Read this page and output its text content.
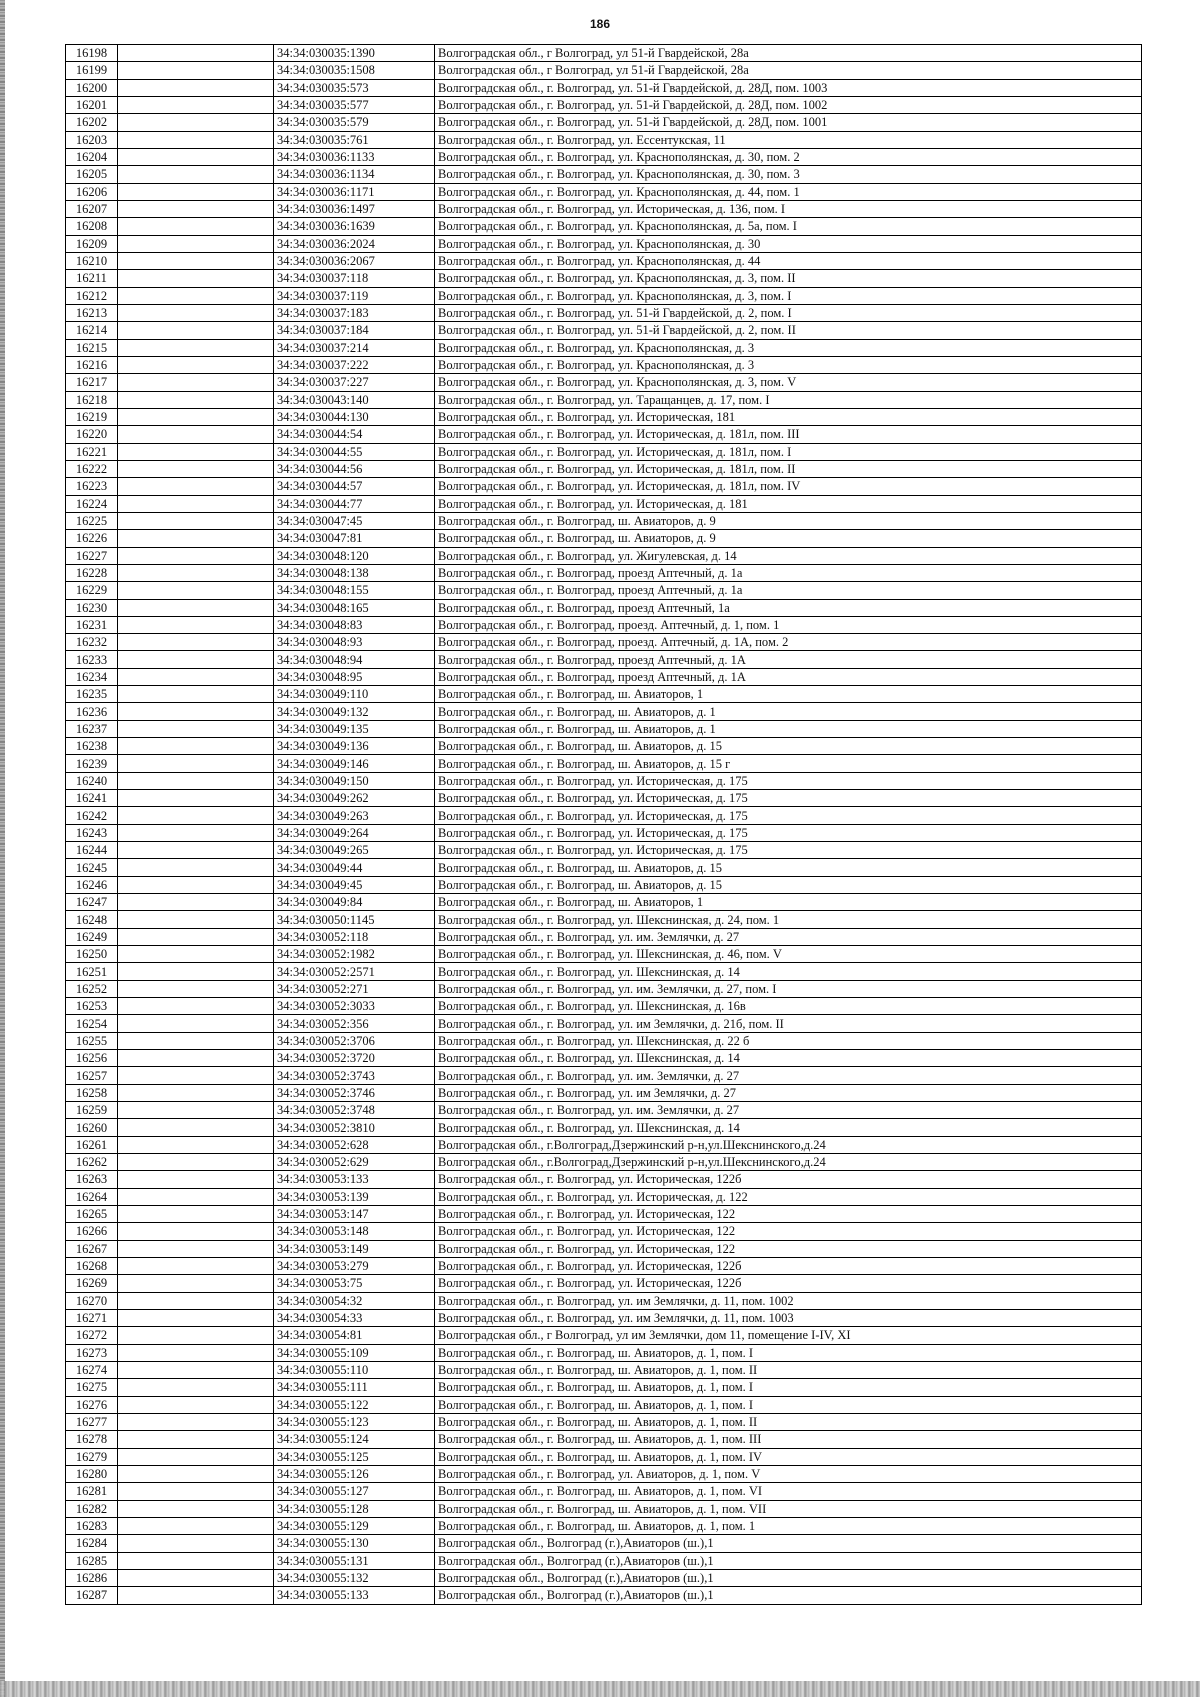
186
16198		34:34:030035:1390	Волгоградская обл., г Волгоград, ул 51-й Гвардейской, 28а
16199		34:34:030035:1508	Волгоградская обл., г Волгоград, ул 51-й Гвардейской, 28а
16200		34:34:030035:573	Волгоградская обл., г. Волгоград, ул. 51-й Гвардейской, д. 28Д, пом. 1003
16201		34:34:030035:577	Волгоградская обл., г. Волгоград, ул. 51-й Гвардейской, д. 28Д, пом. 1002
16202		34:34:030035:579	Волгоградская обл., г. Волгоград, ул. 51-й Гвардейской, д. 28Д, пом. 1001
16203		34:34:030035:761	Волгоградская обл., г. Волгоград, ул. Ессентукская, 11
16204		34:34:030036:1133	Волгоградская обл., г. Волгоград, ул. Краснополянская, д. 30, пом. 2
16205		34:34:030036:1134	Волгоградская обл., г. Волгоград, ул. Краснополянская, д. 30, пом. 3
16206		34:34:030036:1171	Волгоградская обл., г. Волгоград, ул. Краснополянская, д. 44, пом. 1
16207		34:34:030036:1497	Волгоградская обл., г. Волгоград, ул. Историческая, д. 136, пом. I
16208		34:34:030036:1639	Волгоградская обл., г. Волгоград, ул. Краснополянская, д. 5а, пом. I
16209		34:34:030036:2024	Волгоградская обл., г. Волгоград, ул. Краснополянская, д. 30
16210		34:34:030036:2067	Волгоградская обл., г. Волгоград, ул. Краснополянская, д. 44
16211		34:34:030037:118	Волгоградская обл., г. Волгоград, ул. Краснополянская, д. 3, пом. II
16212		34:34:030037:119	Волгоградская обл., г. Волгоград, ул. Краснополянская, д. 3, пом. I
16213		34:34:030037:183	Волгоградская обл., г. Волгоград, ул. 51-й Гвардейской, д. 2, пом. I
16214		34:34:030037:184	Волгоградская обл., г. Волгоград, ул. 51-й Гвардейской, д. 2, пом. II
16215		34:34:030037:214	Волгоградская обл., г. Волгоград, ул. Краснополянская, д. 3
16216		34:34:030037:222	Волгоградская обл., г. Волгоград, ул. Краснополянская, д. 3
16217		34:34:030037:227	Волгоградская обл., г. Волгоград, ул. Краснополянская, д. 3, пом. V
16218		34:34:030043:140	Волгоградская обл., г. Волгоград, ул. Таращанцев, д. 17, пом. I
16219		34:34:030044:130	Волгоградская обл., г. Волгоград, ул. Историческая, 181
16220		34:34:030044:54	Волгоградская обл., г. Волгоград, ул. Историческая, д. 181л, пом. III
16221		34:34:030044:55	Волгоградская обл., г. Волгоград, ул. Историческая, д. 181л, пом. I
16222		34:34:030044:56	Волгоградская обл., г. Волгоград, ул. Историческая, д. 181л, пом. II
16223		34:34:030044:57	Волгоградская обл., г. Волгоград, ул. Историческая, д. 181л, пом. IV
16224		34:34:030044:77	Волгоградская обл., г. Волгоград, ул. Историческая, д. 181
16225		34:34:030047:45	Волгоградская обл., г. Волгоград, ш. Авиаторов, д. 9
16226		34:34:030047:81	Волгоградская обл., г. Волгоград, ш. Авиаторов, д. 9
16227		34:34:030048:120	Волгоградская обл., г. Волгоград, ул. Жигулевская, д. 14
16228		34:34:030048:138	Волгоградская обл., г. Волгоград, проезд Аптечный, д. 1а
16229		34:34:030048:155	Волгоградская обл., г. Волгоград, проезд Аптечный, д. 1а
16230		34:34:030048:165	Волгоградская обл., г. Волгоград, проезд Аптечный, 1а
16231		34:34:030048:83	Волгоградская обл., г. Волгоград, проезд. Аптечный, д. 1, пом. 1
16232		34:34:030048:93	Волгоградская обл., г. Волгоград, проезд. Аптечный, д. 1А, пом. 2
16233		34:34:030048:94	Волгоградская обл., г. Волгоград, проезд Аптечный, д. 1А
16234		34:34:030048:95	Волгоградская обл., г. Волгоград, проезд Аптечный, д. 1А
16235		34:34:030049:110	Волгоградская обл., г. Волгоград, ш. Авиаторов, 1
16236		34:34:030049:132	Волгоградская обл., г. Волгоград, ш. Авиаторов, д. 1
16237		34:34:030049:135	Волгоградская обл., г. Волгоград, ш. Авиаторов, д. 1
16238		34:34:030049:136	Волгоградская обл., г. Волгоград, ш. Авиаторов, д. 15
16239		34:34:030049:146	Волгоградская обл., г. Волгоград, ш. Авиаторов, д. 15 г
16240		34:34:030049:150	Волгоградская обл., г. Волгоград, ул. Историческая, д. 175
16241		34:34:030049:262	Волгоградская обл., г. Волгоград, ул. Историческая, д. 175
16242		34:34:030049:263	Волгоградская обл., г. Волгоград, ул. Историческая, д. 175
16243		34:34:030049:264	Волгоградская обл., г. Волгоград, ул. Историческая, д. 175
16244		34:34:030049:265	Волгоградская обл., г. Волгоград, ул. Историческая, д. 175
16245		34:34:030049:44	Волгоградская обл., г. Волгоград, ш. Авиаторов, д. 15
16246		34:34:030049:45	Волгоградская обл., г. Волгоград, ш. Авиаторов, д. 15
16247		34:34:030049:84	Волгоградская обл., г. Волгоград, ш. Авиаторов, 1
16248		34:34:030050:1145	Волгоградская обл., г. Волгоград, ул. Шекснинская, д. 24, пом. 1
16249		34:34:030052:118	Волгоградская обл., г. Волгоград, ул. им. Землячки, д. 27
16250		34:34:030052:1982	Волгоградская обл., г. Волгоград, ул. Шекснинская, д. 46, пом. V
16251		34:34:030052:2571	Волгоградская обл., г. Волгоград, ул. Шекснинская, д. 14
16252		34:34:030052:271	Волгоградская обл., г. Волгоград, ул. им. Землячки, д. 27, пом. I
16253		34:34:030052:3033	Волгоградская обл., г. Волгоград, ул. Шекснинская, д. 16в
16254		34:34:030052:356	Волгоградская обл., г. Волгоград, ул. им Землячки, д. 21б, пом. II
16255		34:34:030052:3706	Волгоградская обл., г. Волгоград, ул. Шекснинская, д. 22 б
16256		34:34:030052:3720	Волгоградская обл., г. Волгоград, ул. Шекснинская, д. 14
16257		34:34:030052:3743	Волгоградская обл., г. Волгоград, ул. им. Землячки, д. 27
16258		34:34:030052:3746	Волгоградская обл., г. Волгоград, ул. им Землячки, д. 27
16259		34:34:030052:3748	Волгоградская обл., г. Волгоград, ул. им. Землячки, д. 27
16260		34:34:030052:3810	Волгоградская обл., г. Волгоград, ул. Шекснинская, д. 14
16261		34:34:030052:628	Волгоградская обл., г.Волгоград,Дзержинский р-н,ул.Шекснинского,д.24
16262		34:34:030052:629	Волгоградская обл., г.Волгоград,Дзержинский р-н,ул.Шекснинского,д.24
16263		34:34:030053:133	Волгоградская обл., г. Волгоград, ул. Историческая, 122б
16264		34:34:030053:139	Волгоградская обл., г. Волгоград, ул. Историческая, д. 122
16265		34:34:030053:147	Волгоградская обл., г. Волгоград, ул. Историческая, 122
16266		34:34:030053:148	Волгоградская обл., г. Волгоград, ул. Историческая, 122
16267		34:34:030053:149	Волгоградская обл., г. Волгоград, ул. Историческая, 122
16268		34:34:030053:279	Волгоградская обл., г. Волгоград, ул. Историческая, 122б
16269		34:34:030053:75	Волгоградская обл., г. Волгоград, ул. Историческая, 122б
16270		34:34:030054:32	Волгоградская обл., г. Волгоград, ул. им Землячки, д. 11, пом. 1002
16271		34:34:030054:33	Волгоградская обл., г. Волгоград, ул. им Землячки, д. 11, пом. 1003
16272		34:34:030054:81	Волгоградская обл., г Волгоград, ул им Землячки, дом 11, помещение I-IV, XI
16273		34:34:030055:109	Волгоградская обл., г. Волгоград, ш. Авиаторов, д. 1, пом. I
16274		34:34:030055:110	Волгоградская обл., г. Волгоград, ш. Авиаторов, д. 1, пом. II
16275		34:34:030055:111	Волгоградская обл., г. Волгоград, ш. Авиаторов, д. 1, пом. I
16276		34:34:030055:122	Волгоградская обл., г. Волгоград, ш. Авиаторов, д. 1, пом. I
16277		34:34:030055:123	Волгоградская обл., г. Волгоград, ш. Авиаторов, д. 1, пом. II
16278		34:34:030055:124	Волгоградская обл., г. Волгоград, ш. Авиаторов, д. 1, пом. III
16279		34:34:030055:125	Волгоградская обл., г. Волгоград, ш. Авиаторов, д. 1, пом. IV
16280		34:34:030055:126	Волгоградская обл., г. Волгоград, ул. Авиаторов, д. 1, пом. V
16281		34:34:030055:127	Волгоградская обл., г. Волгоград, ш. Авиаторов, д. 1, пом. VI
16282		34:34:030055:128	Волгоградская обл., г. Волгоград, ш. Авиаторов, д. 1, пом. VII
16283		34:34:030055:129	Волгоградская обл., г. Волгоград, ш. Авиаторов, д. 1, пом. 1
16284		34:34:030055:130	Волгоградская обл., Волгоград (г.),Авиаторов (ш.),1
16285		34:34:030055:131	Волгоградская обл., Волгоград (г.),Авиаторов (ш.),1
16286		34:34:030055:132	Волгоградская обл., Волгоград (г.),Авиаторов (ш.),1
16287		34:34:030055:133	Волгоградская обл., Волгоград (г.),Авиаторов (ш.),1
